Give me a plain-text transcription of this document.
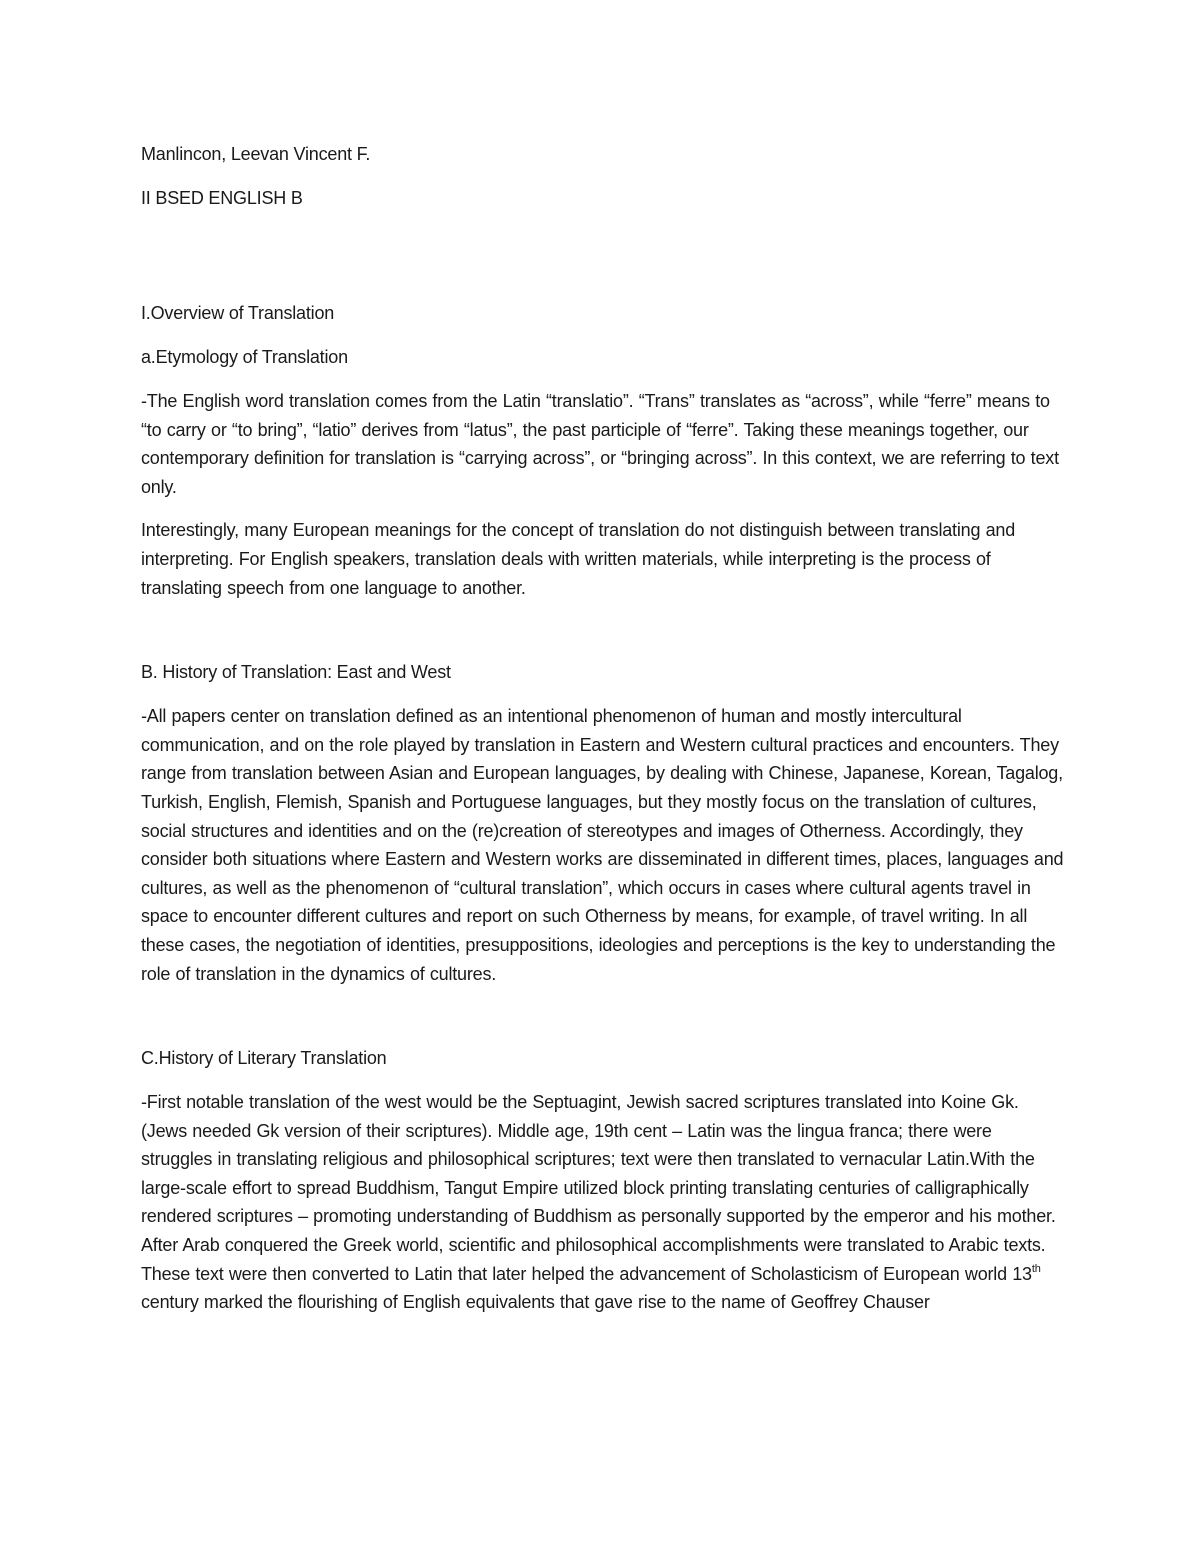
Manlincon, Leevan Vincent F.

II BSED ENGLISH B

I.Overview of Translation

a.Etymology of Translation

-The English word translation comes from the Latin “translatio”. “Trans” translates as “across”, while “ferre” means to “to carry or “to bring”, “latio” derives from “latus”, the past participle of “ferre”. Taking these meanings together, our contemporary definition for translation is “carrying across”, or “bringing across”. In this context, we are referring to text only.

Interestingly, many European meanings for the concept of translation do not distinguish between translating and interpreting. For English speakers, translation deals with written materials, while interpreting is the process of translating speech from one language to another.

B. History of Translation: East and West

-All papers center on translation defined as an intentional phenomenon of human and mostly intercultural communication, and on the role played by translation in Eastern and Western cultural practices and encounters. They range from translation between Asian and European languages, by dealing with Chinese, Japanese, Korean, Tagalog, Turkish, English, Flemish, Spanish and Portuguese languages, but they mostly focus on the translation of cultures, social structures and identities and on the (re)creation of stereotypes and images of Otherness. Accordingly, they consider both situations where Eastern and Western works are disseminated in different times, places, languages and cultures, as well as the phenomenon of “cultural translation”, which occurs in cases where cultural agents travel in space to encounter different cultures and report on such Otherness by means, for example, of travel writing. In all these cases, the negotiation of identities, presuppositions, ideologies and perceptions is the key to understanding the role of translation in the dynamics of cultures.

C.History of Literary Translation

-First notable translation of the west would be the Septuagint, Jewish sacred scriptures translated into Koine Gk. (Jews needed Gk version of their scriptures). Middle age, 19th cent – Latin was the lingua franca; there were struggles in translating religious and philosophical scriptures; text were then translated to vernacular Latin.With the large-scale effort to spread Buddhism, Tangut Empire utilized block printing translating centuries of calligraphically rendered scriptures – promoting understanding of Buddhism as personally supported by the emperor and his mother. After Arab conquered the Greek world, scientific and philosophical accomplishments were translated to Arabic texts. These text were then converted to Latin that later helped the advancement of Scholasticism of European world 13th century marked the flourishing of English equivalents that gave rise to the name of Geoffrey Chauser
